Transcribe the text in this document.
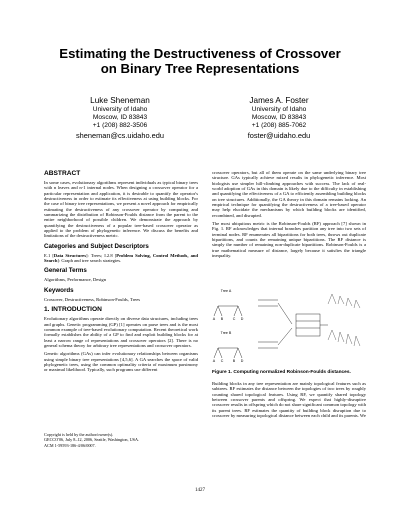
Estimating the Destructiveness of Crossover
on Binary Tree Representations
Luke Sheneman
University of Idaho
Moscow, ID 83843
+1 (208) 882-3506
sheneman@cs.uidaho.edu
James A. Foster
University of Idaho
Moscow, ID 83843
+1 (208) 885-7062
foster@uidaho.edu
ABSTRACT

In some cases, evolutionary algorithms represent individuals as typical binary trees with n leaves and n-1 internal nodes. When designing a crossover operator for a particular representation and application, it is desirable to quantify the operator's destructiveness in order to estimate its effectiveness at using building blocks. For the case of binary tree representations, we present a novel approach for empirically estimating the destructiveness of any crossover operator by computing and summarizing the distribution of Robinson-Foulds distance from the parent to the entire neighborhood of possible children. We demonstrate the approach by quantifying the destructiveness of a popular tree-based crossover operator as applied to the problem of phylogenetic inference. We discuss the benefits and limitations of the destructiveness metric.

Categories and Subject Descriptors

E.1 [Data Structures]: Trees; I.2.8 [Problem Solving, Control Methods, and Search]: Graph and tree search strategies.

General Terms

Algorithms, Performance, Design

Keywords

Crossover, Destructiveness, Robinson-Foulds, Trees

1. INTRODUCTION

Evolutionary algorithms operate directly on diverse data structures, including trees and graphs. Genetic programming (GP) [1] operates on parse trees and is the most common example of tree-based evolutionary computation. Recent theoretical work formally establishes the ability of a GP to find and exploit building blocks for at least a narrow range of representations and crossover operators [2]. There is no general schema theory for arbitrary tree representations and crossover operators.

Genetic algorithms (GAs) can infer evolutionary relationships between organisms using simple binary tree representations [4,5,6]. A GA searches the space of valid phylogenetic trees, using the common optimality criteria of maximum parsimony or maximal likelihood. Typically, such programs use different

Copyright is held by the author/owner(s).
GECCO'06, July 8–12, 2006, Seattle, Washington, USA.
ACM 1-59593-186-4/06/0007.

crossover operators, but all of them operate on the same underlying binary tree structure. GAs typically achieve mixed results in phylogenetic inference. Most biologists use simpler hill-climbing approaches with success. The lack of real-world adoption of GAs in this domain is likely due to the difficulty in establishing and quantifying the effectiveness of a GA to efficiently assembling building blocks on tree structures. Additionally, the GA theory in this domain remains lacking. An empirical technique for quantifying the destructiveness of a tree-based operator may help elucidate the mechanisms by which building blocks are identified, recombined, and disrupted.

The most ubiquitous metric is the Robinson-Foulds (RF) approach [7] shown in Fig. 1. RF acknowledges that internal branches partition any tree into two sets of terminal nodes. RF enumerates all bipartitions for both trees, throws out duplicate bipartitions, and counts the remaining unique bipartitions. The RF distance is simply the number of remaining non-duplicate bipartitions. Robinson-Foulds is a true mathematical measure of distance, largely because it satisfies the triangle inequality.

Tree A
A B	C D
Tree B
A C	B D
Figure 1. Computing normalized Robinson-Foulds distances.

Building blocks in any tree representation are mainly topological features such as subtrees. RF estimates the distance between the topologies of two trees by roughly counting shared topological features. Using RF, we quantify shared topology between crossover parents and offspring. We expect that highly-disruptive crossover results in offspring which do not share significant common topology with its parent trees. RF estimates the quantity of building block disruption due to crossover by measuring topological distance between each child and its parents. We

1427
